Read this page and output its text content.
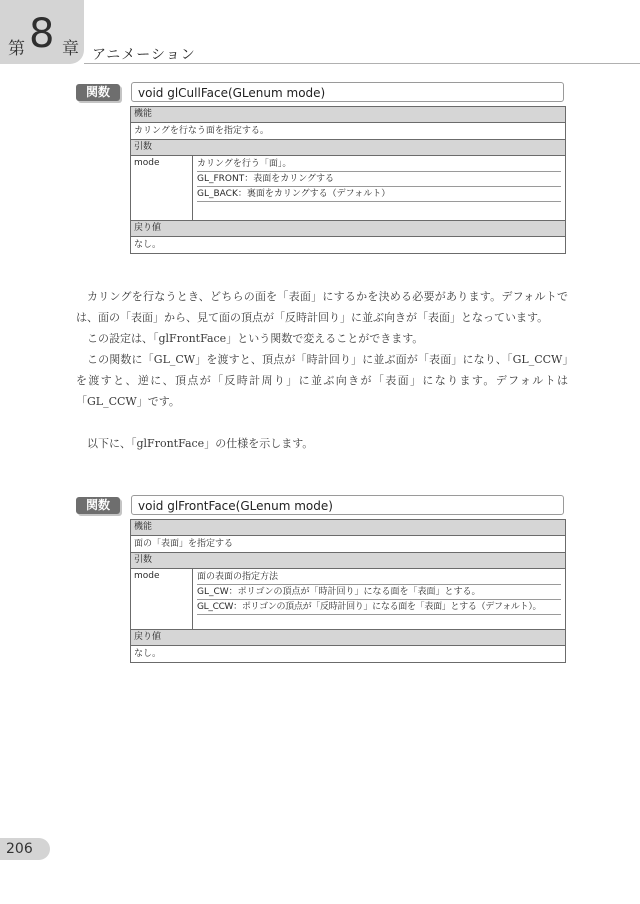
第 8 章 アニメーション
関数	void glCullFace(GLenum mode)
機能
カリングを行なう面を指定する。
引数
mode	カリングを行う「面」。
GL_FRONT：表面をカリングする
GL_BACK：裏面をカリングする（デフォルト）
戻り値
なし。

カリングを行なうとき、どちらの面を「表面」にするかを決める必要があります。デフォルトでは、面の「表面」から、見て面の頂点が「反時計回り」に並ぶ向きが「表面」となっています。

この設定は、「glFrontFace」という関数で変えることができます。

この関数に「GL_CW」を渡すと、頂点が「時計回り」に並ぶ面が「表面」になり、「GL_CCW」を渡すと、逆に、頂点が「反時計周り」に並ぶ向きが「表面」になります。デフォルトは「GL_CCW」です。

以下に、「glFrontFace」の仕様を示します。

関数	void glFrontFace(GLenum mode)
機能
面の「表面」を指定する
引数
mode	面の表面の指定方法
GL_CW：ポリゴンの頂点が「時計回り」になる面を「表面」とする。
GL_CCW：ポリゴンの頂点が「反時計回り」になる面を「表面」とする（デフォルト）。
戻り値
なし。
206
